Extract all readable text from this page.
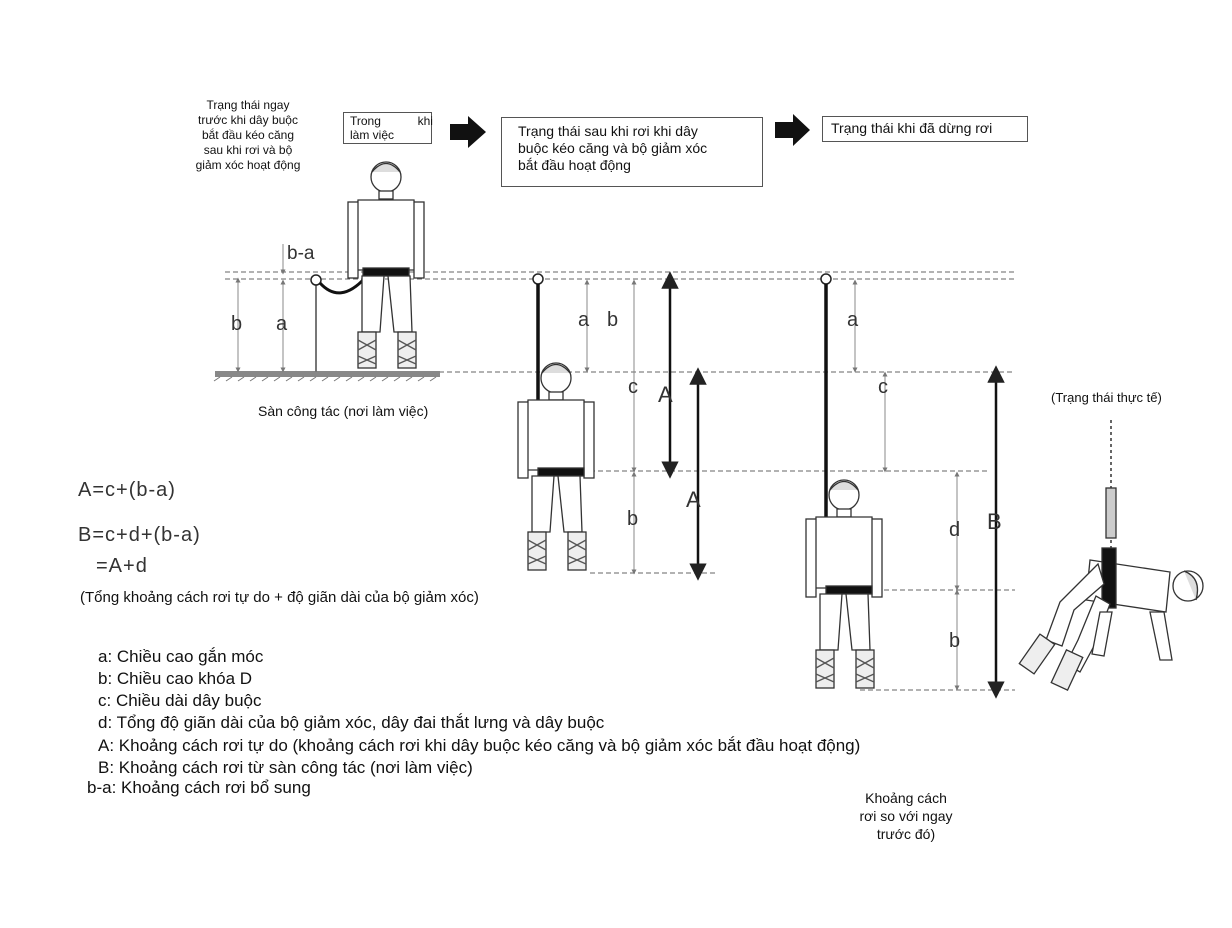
Trạng thái ngay
trước khi dây buộc
bắt đầu kéo căng
sau khi rơi và bộ
giảm xóc hoạt động
Trong           khi
làm việc	Trạng thái sau khi rơi khi dây
buộc kéo căng và bộ giảm xóc
bắt đầu hoạt động
Trạng thái khi đã dừng rơi
b-a
b a	a b
c A
b
A
a
c
d
b
B
Sàn công tác (nơi làm việc)
(Trạng thái thực tế)
A=c+(b-a)
B=c+d+(b-a)
=A+d
(Tổng khoảng cách rơi tự do + độ giãn dài của bộ giảm xóc)
a: Chiều cao gắn móc
b: Chiều cao khóa D
c: Chiều dài dây buộc
d: Tổng độ giãn dài của bộ giảm xóc, dây đai thắt lưng và dây buộc
A: Khoảng cách rơi tự do (khoảng cách rơi khi dây buộc kéo căng và bộ giảm xóc bắt đầu hoạt động)
B: Khoảng cách rơi từ sàn công tác (nơi làm việc)
b-a: Khoảng cách rơi bổ sung
Khoảng cách
rơi so với ngay
trước đó)
